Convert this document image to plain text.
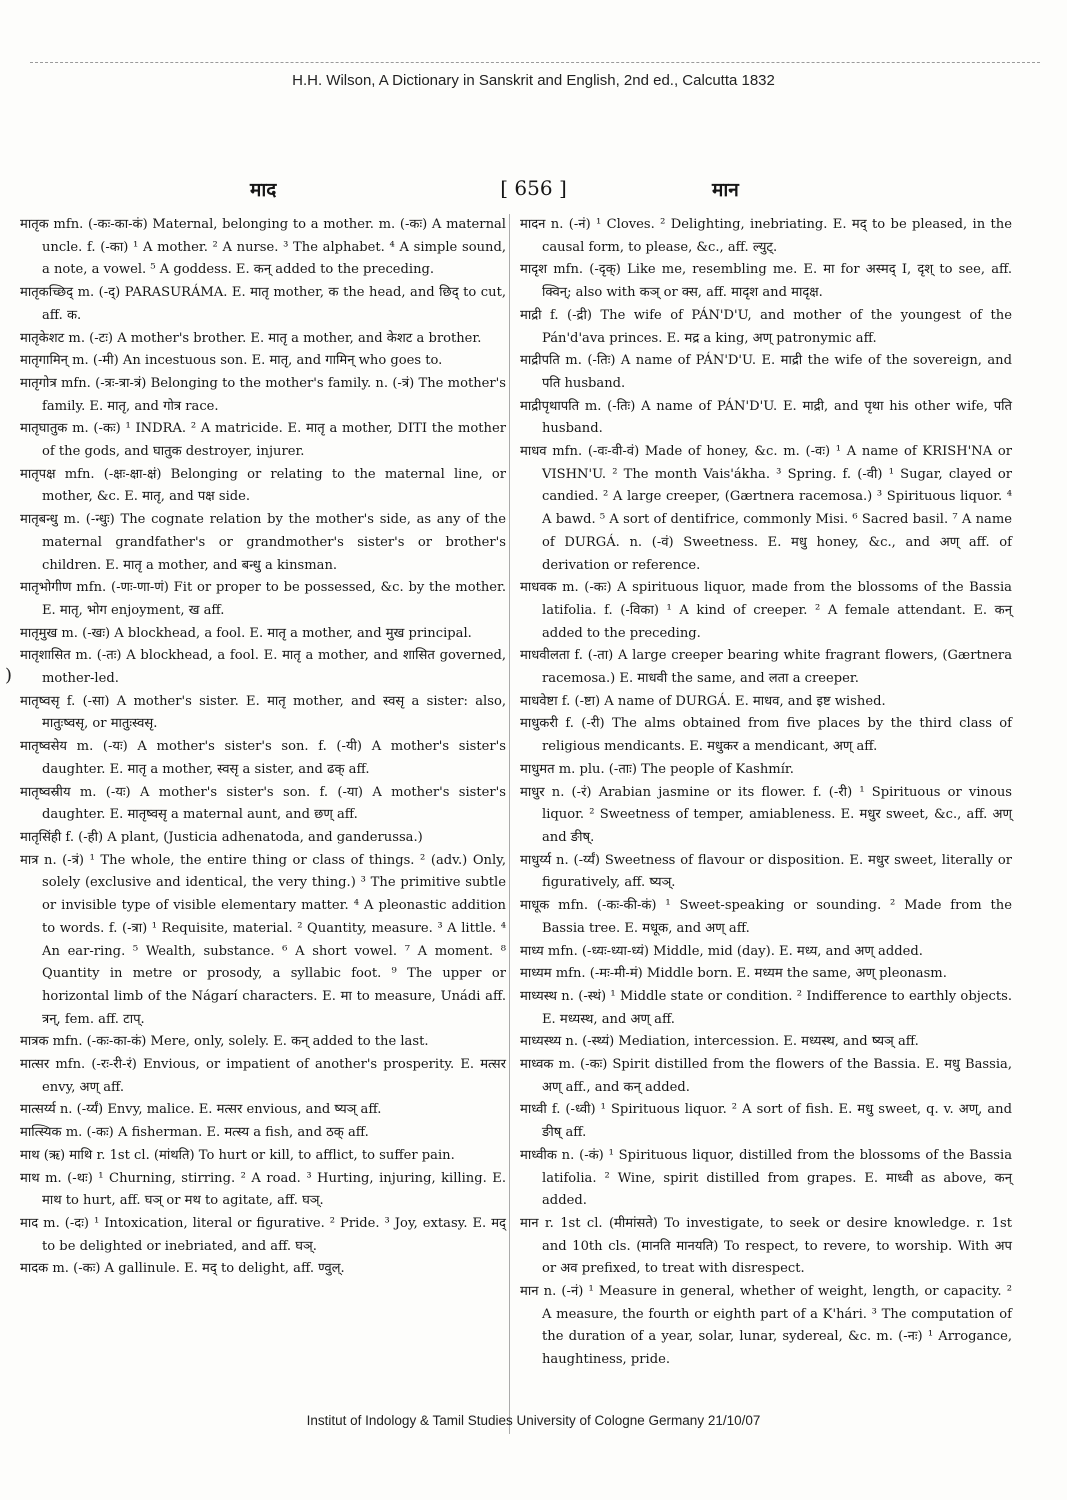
H.H. Wilson, A Dictionary in Sanskrit and English, 2nd ed., Calcutta 1832
माद	[ 656 ]	मान
)

मातृक mfn. (-कः-का-कं) Maternal, belonging to a mother. m. (-कः) A maternal uncle. f. (-का) ¹ A mother. ² A nurse. ³ The alphabet. ⁴ A simple sound, a note, a vowel. ⁵ A goddess. E. कन् added to the preceding.

मातृकच्छिद् m. (-द्) PARASURÁMA. E. मातृ mother, क the head, and छिद् to cut, aff. क.

मातृकेशट m. (-टः) A mother's brother. E. मातृ a mother, and केशट a brother.

मातृगामिन् m. (-मी) An incestuous son. E. मातृ, and गामिन् who goes to.

मातृगोत्र mfn. (-त्रः-त्रा-त्रं) Belonging to the mother's family. n. (-त्रं) The mother's family. E. मातृ, and गोत्र race.

मातृघातुक m. (-कः) ¹ INDRA. ² A matricide. E. मातृ a mother, DITI the mother of the gods, and घातुक destroyer, injurer.

मातृपक्ष mfn. (-क्षः-क्षा-क्षं) Belonging or relating to the maternal line, or mother, &c. E. मातृ, and पक्ष side.

मातृबन्धु m. (-न्धुः) The cognate relation by the mother's side, as any of the maternal grandfather's or grandmother's sister's or brother's children. E. मातृ a mother, and बन्धु a kinsman.

मातृभोगीण mfn. (-णः-णा-णं) Fit or proper to be possessed, &c. by the mother. E. मातृ, भोग enjoyment, ख aff.

मातृमुख m. (-खः) A blockhead, a fool. E. मातृ a mother, and मुख principal.

मातृशासित m. (-तः) A blockhead, a fool. E. मातृ a mother, and शासित governed, mother-led.

मातृष्वसृ f. (-सा) A mother's sister. E. मातृ mother, and स्वसृ a sister: also, मातुःष्वसृ, or मातुःस्वसृ.

मातृष्वसेय m. (-यः) A mother's sister's son. f. (-यी) A mother's sister's daughter. E. मातृ a mother, स्वसृ a sister, and ढक् aff.

मातृष्वस्रीय m. (-यः) A mother's sister's son. f. (-या) A mother's sister's daughter. E. मातृष्वसृ a maternal aunt, and छण् aff.

मातृसिंही f. (-ही) A plant, (Justicia adhenatoda, and ganderussa.)

मात्र n. (-त्रं) ¹ The whole, the entire thing or class of things. ² (adv.) Only, solely (exclusive and identical, the very thing.) ³ The primitive subtle or invisible type of visible elementary matter. ⁴ A pleonastic addition to words. f. (-त्रा) ¹ Requisite, material. ² Quantity, measure. ³ A little. ⁴ An ear-ring. ⁵ Wealth, substance. ⁶ A short vowel. ⁷ A moment. ⁸ Quantity in metre or prosody, a syllabic foot. ⁹ The upper or horizontal limb of the Nágarí characters. E. मा to measure, Unádi aff. त्रन्, fem. aff. टाप्.

मात्रक mfn. (-कः-का-कं) Mere, only, solely. E. कन् added to the last.

मात्सर mfn. (-रः-री-रं) Envious, or impatient of another's prosperity. E. मत्सर envy, अण् aff.

मात्सर्य्य n. (-र्य्यं) Envy, malice. E. मत्सर envious, and ष्यञ् aff.

मात्स्यिक m. (-कः) A fisherman. E. मत्स्य a fish, and ठक् aff.

माथ (ऋ) माथि r. 1st cl. (मांथति) To hurt or kill, to afflict, to suffer pain.

माथ m. (-थः) ¹ Churning, stirring. ² A road. ³ Hurting, injuring, killing. E. माथ to hurt, aff. घञ् or मथ to agitate, aff. घञ्.

माद m. (-दः) ¹ Intoxication, literal or figurative. ² Pride. ³ Joy, extasy. E. मद् to be delighted or inebriated, and aff. घञ्.

मादक m. (-कः) A gallinule. E. मद् to delight, aff. ण्वुल्.

मादन n. (-नं) ¹ Cloves. ² Delighting, inebriating. E. मद् to be pleased, in the causal form, to please, &c., aff. ल्युट्.

मादृश mfn. (-दृक्) Like me, resembling me. E. मा for अस्मद् I, दृश् to see, aff. क्विन्; also with कञ् or क्स, aff. मादृश and मादृक्ष.

माद्री f. (-द्री) The wife of PÁN'D'U, and mother of the youngest of the Pán'd'ava princes. E. मद्र a king, अण् patronymic aff.

माद्रीपति m. (-तिः) A name of PÁN'D'U. E. माद्री the wife of the sovereign, and पति husband.

माद्रीपृथापति m. (-तिः) A name of PÁN'D'U. E. माद्री, and पृथा his other wife, पति husband.

माधव mfn. (-वः-वी-वं) Made of honey, &c. m. (-वः) ¹ A name of KRISH'NA or VISHN'U. ² The month Vais'ákha. ³ Spring. f. (-वी) ¹ Sugar, clayed or candied. ² A large creeper, (Gærtnera racemosa.) ³ Spirituous liquor. ⁴ A bawd. ⁵ A sort of dentifrice, commonly Misi. ⁶ Sacred basil. ⁷ A name of DURGÁ. n. (-वं) Sweetness. E. मधु honey, &c., and अण् aff. of derivation or reference.

माधवक m. (-कः) A spirituous liquor, made from the blossoms of the Bassia latifolia. f. (-विका) ¹ A kind of creeper. ² A female attendant. E. कन् added to the preceding.

माधवीलता f. (-ता) A large creeper bearing white fragrant flowers, (Gærtnera racemosa.) E. माधवी the same, and लता a creeper.

माधवेष्टा f. (-ष्टा) A name of DURGÁ. E. माधव, and इष्ट wished.

माधुकरी f. (-री) The alms obtained from five places by the third class of religious mendicants. E. मधुकर a mendicant, अण् aff.

माधुमत m. plu. (-ताः) The people of Kashmír.

माधुर n. (-रं) Arabian jasmine or its flower. f. (-री) ¹ Spirituous or vinous liquor. ² Sweetness of temper, amiableness. E. मधुर sweet, &c., aff. अण् and ङीष्.

माधुर्य्य n. (-र्य्यं) Sweetness of flavour or disposition. E. मधुर sweet, literally or figuratively, aff. ष्यञ्.

माधूक mfn. (-कः-की-कं) ¹ Sweet-speaking or sounding. ² Made from the Bassia tree. E. मधूक, and अण् aff.

माध्य mfn. (-ध्यः-ध्या-ध्यं) Middle, mid (day). E. मध्य, and अण् added.

माध्यम mfn. (-मः-मी-मं) Middle born. E. मध्यम the same, अण् pleonasm.

माध्यस्थ n. (-स्थं) ¹ Middle state or condition. ² Indifference to earthly objects. E. मध्यस्थ, and अण् aff.

माध्यस्थ्य n. (-स्थ्यं) Mediation, intercession. E. मध्यस्थ, and ष्यञ् aff.

माध्वक m. (-कः) Spirit distilled from the flowers of the Bassia. E. मधु Bassia, अण् aff., and कन् added.

माध्वी f. (-ध्वी) ¹ Spirituous liquor. ² A sort of fish. E. मधु sweet, q. v. अण्, and ङीष् aff.

माध्वीक n. (-कं) ¹ Spirituous liquor, distilled from the blossoms of the Bassia latifolia. ² Wine, spirit distilled from grapes. E. माध्वी as above, कन् added.

मान r. 1st cl. (मीमांसते) To investigate, to seek or desire knowledge. r. 1st and 10th cls. (मानति मानयति) To respect, to revere, to worship. With अप or अव prefixed, to treat with disrespect.

मान n. (-नं) ¹ Measure in general, whether of weight, length, or capacity. ² A measure, the fourth or eighth part of a K'hári. ³ The computation of the duration of a year, solar, lunar, sydereal, &c. m. (-नः) ¹ Arrogance, haughtiness, pride.

Institut of Indology & Tamil Studies University of Cologne Germany 21/10/07
